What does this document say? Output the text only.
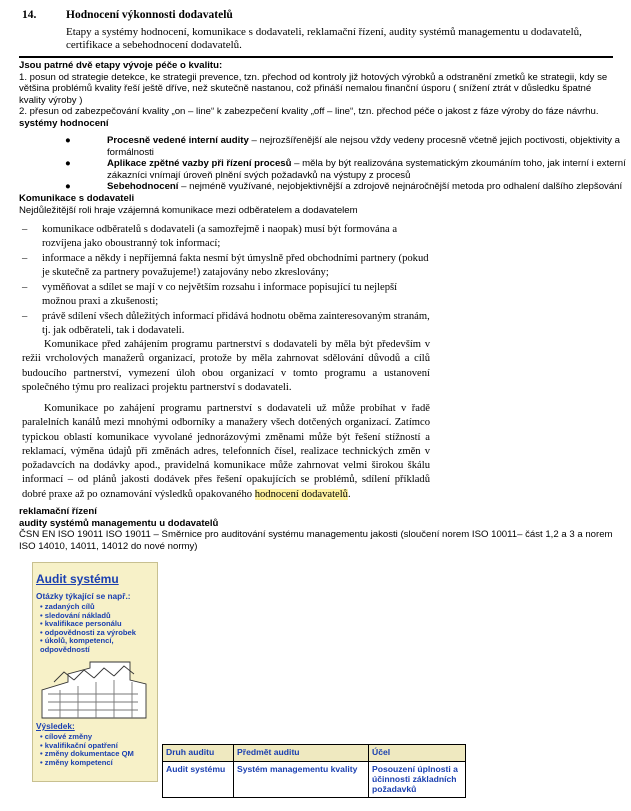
14.	Hodnocení výkonnosti dodavatelů
Etapy a systémy hodnocení, komunikace s dodavateli, reklamační řízení, audity systémů managementu u dodavatelů, certifikace a sebehodnocení dodavatelů.
Jsou patrné dvě etapy vývoje péče o kvalitu:
1. posun od strategie detekce, ke strategii prevence, tzn. přechod od kontroly již hotových výrobků a odstranění zmetků ke strategii, kdy se většina problémů kvality řeší ještě dříve, než skutečně nastanou, což přináší nemalou finanční úsporu ( snížení ztrát v důsledku špatné kvality výroby )
2. přesun od zabezpečování kvality „on – line“ k zabezpečení kvality „off – line“, tzn. přechod péče o jakost z fáze výroby do fáze návrhu.
systémy hodnocení
●	Procesně vedené interní audity – nejrozšířenější ale nejsou vždy vedeny procesně včetně jejich poctivosti, objektivity a formálnosti
●	Aplikace zpětné vazby při řízení procesů – měla by být realizována systematickým zkoumáním toho, jak interní i externí zákazníci vnímají úroveň plnění svých požadavků na výstupy z procesů
●	Sebehodnocení – nejméně využívané, nejobjektivnější a zdrojově nejnáročnější metoda pro odhalení dalšího zlepšování
Komunikace s dodavateli
Nejdůležitější roli hraje vzájemná komunikace mezi odběratelem a dodavatelem
– komunikace odběratelů s dodavateli (a samozřejmě i naopak) musí být formována a rozvíjena jako oboustranný tok informací;
– informace a někdy i nepříjemná fakta nesmí být úmyslně před obchodními partnery (pokud je skutečně za partnery považujeme!) zatajovány nebo zkreslovány;
– vyměňovat a sdílet se mají v co největším rozsahu i informace popisující tu nejlepší možnou praxi a zkušenosti;
– právě sdílení všech důležitých informací přidává hodnotu oběma zainteresovaným stranám, tj. jak odběrateli, tak i dodavateli.
Komunikace před zahájením programu partnerství s dodavateli by měla být především v režii vrcholových manažerů organizací, protože by měla zahrnovat sdělování důvodů a cílů budoucího partnerství, vymezení úloh obou organizací v tomto programu a ustanovení společného týmu pro realizaci projektu partnerství s dodavateli.
Komunikace po zahájení programu partnerství s dodavateli už může probíhat v řadě paralelních kanálů mezi mnohými odborníky a manažery všech dotčených organizací. Zatímco typickou oblastí komunikace vyvolané jednorázovými změnami může být řešení stížností a reklamací, výměna údajů při změnách adres, telefonních čísel, realizace technických změn v požadavcích na dodávky apod., pravidelná komunikace může zahrnovat velmi širokou škálu informací – od plánů jakosti dodávek přes řešení opakujících se problémů, sdílení příkladů dobré praxe až po oznamování výsledků opakovaného hodnocení dodavatelů.
reklamační řízení
audity systémů managementu u dodavatelů
ČSN EN ISO 19011 ISO 19011 – Směrnice pro auditování systému managementu jakosti (sloučení norem ISO 10011– část 1,2 a 3 a norem ISO 14010, 14011, 14012 do nové normy)
Audit systému
Otázky týkající se např.:
• zadaných cílů
• sledování nákladů
• kvalifikace personálu
• odpovědnosti za výrobek
• úkolů, kompetencí, odpovědností
Výsledek:
• cílové změny
• kvalifikační opatření
• změny dokumentace QM
• změny kompetencí
Druh auditu	Předmět auditu	Účel
Audit systému	Systém managementu kvality	Posouzení úplnosti a účinnosti základních požadavků
